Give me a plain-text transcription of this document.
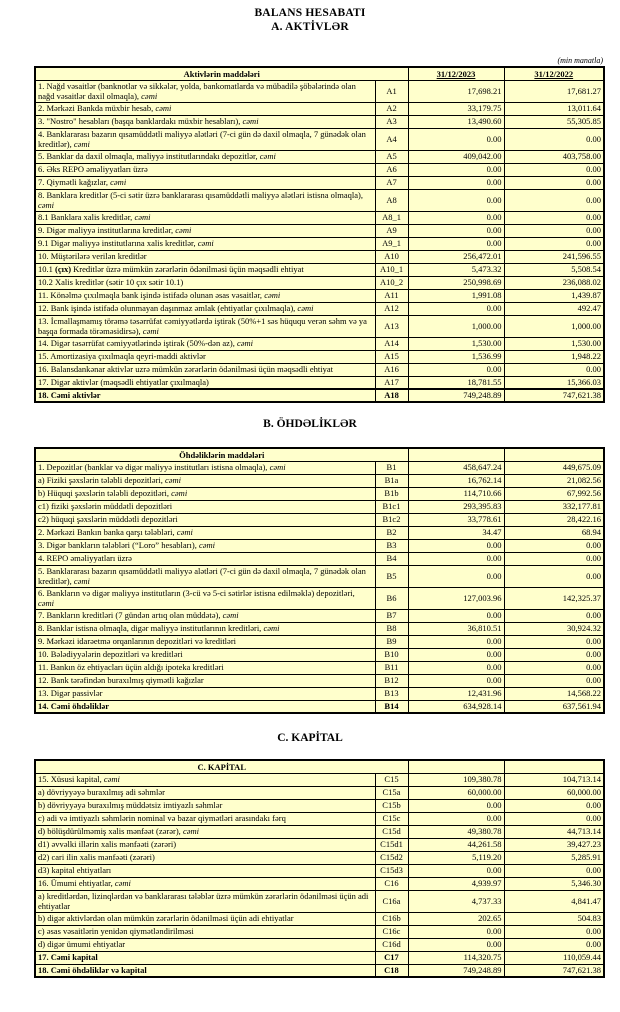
BALANS HESABATI
A. AKTİVLƏR
(min manatla)
Aktivlərin maddələri		31/12/2023	31/12/2022
1. Nağd vəsaitlər (banknotlar və sikkələr, yolda, bankomatlarda və mübadilə şöbələrində olan nağd vəsaitlər daxil olmaqla), cəmi	A1	17,698.21	17,681.27
2. Mərkəzi Bankda müxbir hesab, cəmi	A2	33,179.75	13,011.64
3. "Nostro" hesabları (başqa banklardakı müxbir hesabları), cəmi	A3	13,490.60	55,305.85
4. Banklararası bazarın qısamüddətli maliyyə alətləri (7-ci gün də daxil olmaqla, 7 günədək olan kreditlər), cəmi	A4	0.00	0.00
5. Banklar da daxil olmaqla, maliyyə institutlarındakı depozitlər, cəmi	A5	409,042.00	403,758.00
6. Əks REPO əməliyyatları üzrə	A6	0.00	0.00
7. Qiymətli kağızlar, cəmi	A7	0.00	0.00
8. Banklara kreditlər (5-ci sətir üzrə banklararası qısamüddətli maliyyə alətləri istisna olmaqla), cəmi	A8	0.00	0.00
8.1 Banklara xalis kreditlər, cəmi	A8_1	0.00	0.00
9. Digər maliyyə institutlarına kreditlər, cəmi	A9	0.00	0.00
9.1 Digər maliyyə institutlarına xalis kreditlər, cəmi	A9_1	0.00	0.00
10. Müştərilərə verilən kreditlər	A10	256,472.01	241,596.55
10.1 (çıx) Kreditlər üzrə mümkün zərərlərin ödənilməsi üçün məqsədli ehtiyat	A10_1	5,473.32	5,508.54
10.2 Xalis kreditlər (sətir 10 çıx sətir 10.1)	A10_2	250,998.69	236,088.02
11. Könəlmə çıxılmaqla bank işində istifadə olunan əsas vəsaitlər, cəmi	A11	1,991.08	1,439.87
12. Bank işində istifadə olunmayan daşınmaz əmlak (ehtiyatlar çıxılmaqla), cəmi	A12	0.00	492.47
13. İcmallaşmamış törəmə təsərrüfat cəmiyyətlərdə iştirak (50%+1 səs hüququ verən səhm və ya başqa formada törəməsidirsə), cəmi	A13	1,000.00	1,000.00
14. Digər təsərrüfat cəmiyyətlərində iştirak (50%-dən az), cəmi	A14	1,530.00	1,530.00
15. Amortizasiya çıxılmaqla qeyri-maddi aktivlər	A15	1,536.99	1,948.22
16. Balansdankənar aktivlər uzrə mümkün zərərlərin ödənilməsi üçün məqsədli ehtiyat	A16	0.00	0.00
17. Digər aktivlər (məqsədli ehtiyatlar çıxılmaqla)	A17	18,781.55	15,366.03
18. Cəmi aktivlər	A18	749,248.89	747,621.38
B. ÖHDƏLİKLƏR
Öhdəliklərin maddələri			
1. Depozitlər (banklar və digər maliyyə institutları istisna olmaqla), cəmi	B1	458,647.24	449,675.09
a) Fiziki şəxslərin tələbli depozitləri, cəmi	B1a	16,762.14	21,082.56
b) Hüquqi şəxslərin tələbli depozitləri, cəmi	B1b	114,710.66	67,992.56
c1) fiziki şəxslərin müddətli depozitləri	B1c1	293,395.83	332,177.81
c2) hüquqi şəxslərin müddətli depozitləri	B1c2	33,778.61	28,422.16
2. Mərkəzi Bankın banka qarşı tələbləri, cəmi	B2	34.47	68.94
3. Digər bankların tələbləri (“Loro” hesabları), cəmi	B3	0.00	0.00
4. REPO əməliyyatları üzrə	B4	0.00	0.00
5. Banklararası bazarın qısamüddətli maliyyə alətləri (7-ci gün də daxil olmaqla, 7 günədək olan kreditlər), cəmi	B5	0.00	0.00
6. Bankların və digər maliyyə institutların (3-cü və 5-ci sətirlər istisna edilməklə) depozitləri, cəmi	B6	127,003.96	142,325.37
7. Bankların kreditləri (7 gündən artıq olan müddətə), cəmi	B7	0.00	0.00
8. Banklar istisna olmaqla, digər maliyyə institutlarının kreditləri, cəmi	B8	36,810.51	30,924.32
9. Mərkəzi idarəetmə orqanlarının depozitləri və kreditləri	B9	0.00	0.00
10. Bələdiyyələrin depozitləri və kreditləri	B10	0.00	0.00
11. Bankın öz ehtiyacları üçün aldığı ipoteka kreditləri	B11	0.00	0.00
12. Bank tərəfindən buraxılmış qiymətli kağızlar	B12	0.00	0.00
13. Digər passivlər	B13	12,431.96	14,568.22
14. Cəmi öhdəliklər	B14	634,928.14	637,561.94
C. KAPİTAL
C. KAPİTAL			
15. Xüsusi kapital, cəmi	C15	109,380.78	104,713.14
a) dövriyyəyə buraxılmış adi səhmlər	C15a	60,000.00	60,000.00
b) dövriyyəyə buraxılmış müddətsiz imtiyazlı səhmlər	C15b	0.00	0.00
c) adi və imtiyazlı səhmlərin nominal və bazar qiymətləri arasındakı fərq	C15c	0.00	0.00
d) bölüşdürülməmiş xalis mənfəət (zərər), cəmi	C15d	49,380.78	44,713.14
d1) əvvəlki illərin xalis mənfəəti (zərəri)	C15d1	44,261.58	39,427.23
d2) cari ilin xalis mənfəəti (zərəri)	C15d2	5,119.20	5,285.91
d3) kapital ehtiyatları	C15d3	0.00	0.00
16. Ümumi ehtiyatlar, cəmi	C16	4,939.97	5,346.30
a) kreditlərdən, lizinqlərdən və banklararası tələblər üzrə mümkün zərərlərin ödənilməsi üçün adi ehtiyatlar	C16a	4,737.33	4,841.47
b) digər aktivlərdən olan mümkün zərərlərin ödənilməsi üçün adi ehtiyatlar	C16b	202.65	504.83
c) əsas vəsaitlərin yenidən qiymətləndirilməsi	C16c	0.00	0.00
d) digər ümumi ehtiyatlar	C16d	0.00	0.00
17. Cəmi kapital	C17	114,320.75	110,059.44
18. Cəmi öhdəliklər və kapital	C18	749,248.89	747,621.38
